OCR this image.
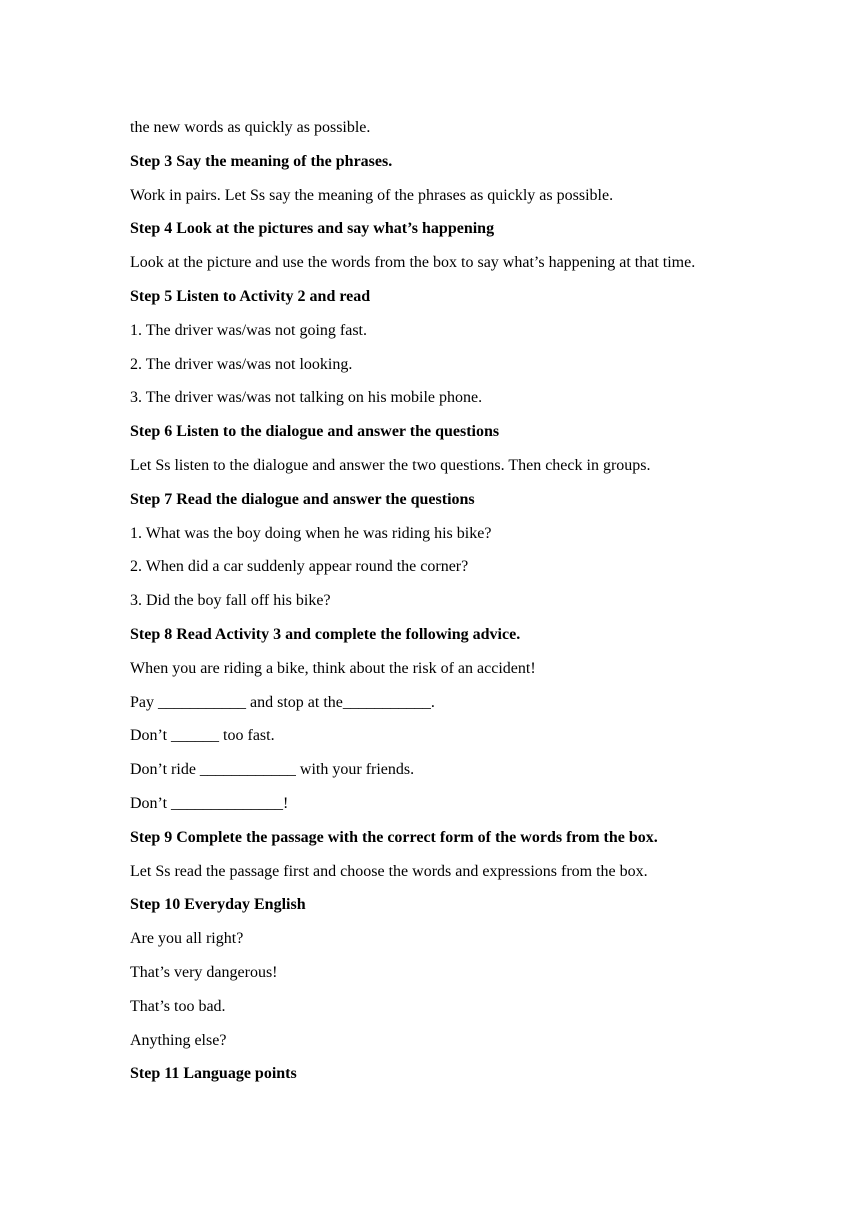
the new words as quickly as possible.
Step 3 Say the meaning of the phrases.
Work in pairs. Let Ss say the meaning of the phrases as quickly as possible.
Step 4 Look at the pictures and say what’s happening
Look at the picture and use the words from the box to say what’s happening at that time.
Step 5 Listen to Activity 2 and read
1. The driver was/was not going fast.
2. The driver was/was not looking.
3. The driver was/was not talking on his mobile phone.
Step 6 Listen to the dialogue and answer the questions
Let Ss listen to the dialogue and answer the two questions. Then check in groups.
Step 7 Read the dialogue and answer the questions
1. What was the boy doing when he was riding his bike?
2. When did a car suddenly appear round the corner?
3. Did the boy fall off his bike?
Step 8 Read Activity 3 and complete the following advice.
When you are riding a bike, think about the risk of an accident!
Pay ___________ and stop at the___________.
Don’t ______ too fast.
Don’t ride ____________ with your friends.
Don’t ______________!
Step 9 Complete the passage with the correct form of the words from the box.
Let Ss read the passage first and choose the words and expressions from the box.
Step 10 Everyday English
Are you all right?
That’s very dangerous!
That’s too bad.
Anything else?
Step 11 Language points
